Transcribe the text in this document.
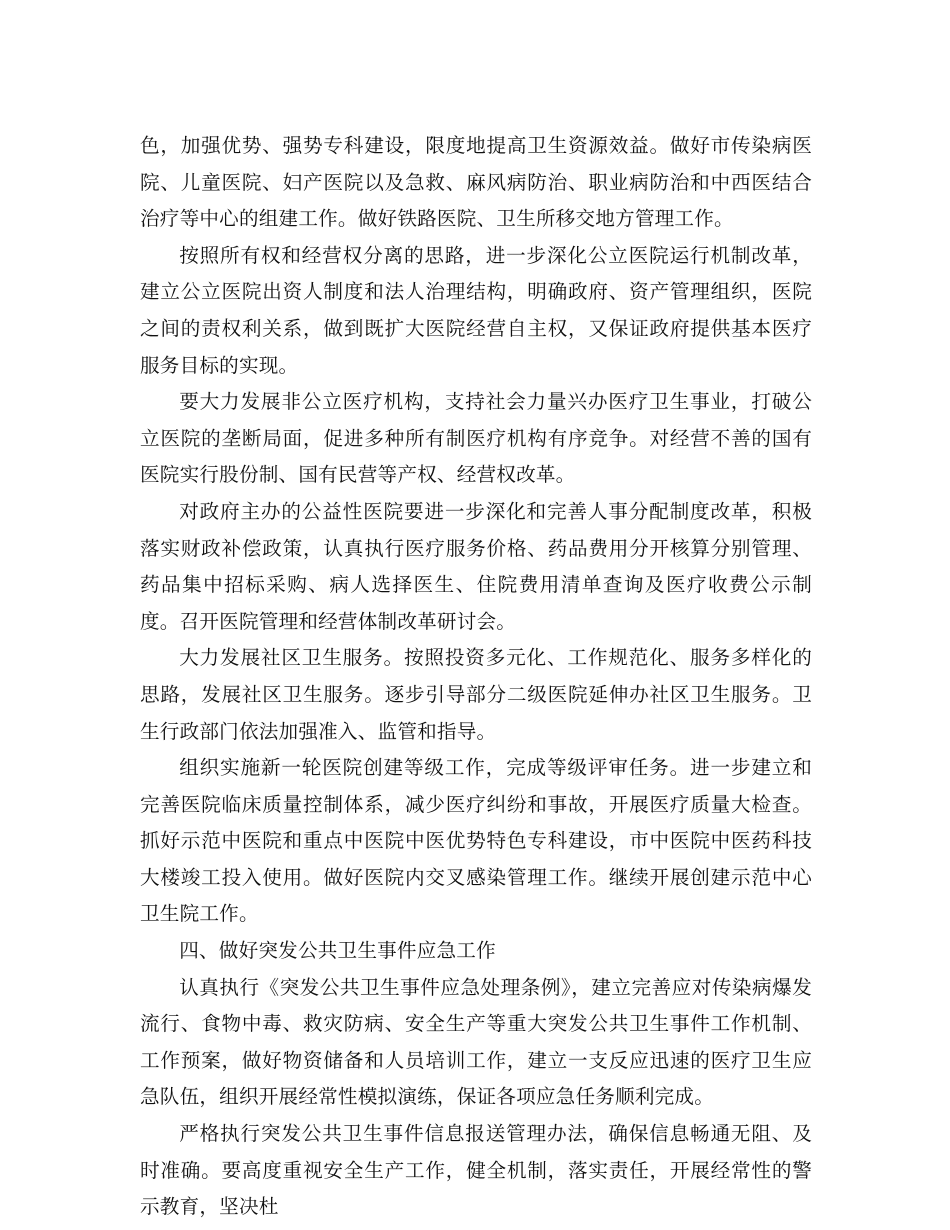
色，加强优势、强势专科建设，限度地提高卫生资源效益。做好市传染病医院、儿童医院、妇产医院以及急救、麻风病防治、职业病防治和中西医结合治疗等中心的组建工作。做好铁路医院、卫生所移交地方管理工作。

按照所有权和经营权分离的思路，进一步深化公立医院运行机制改革，建立公立医院出资人制度和法人治理结构，明确政府、资产管理组织，医院之间的责权利关系，做到既扩大医院经营自主权，又保证政府提供基本医疗服务目标的实现。

要大力发展非公立医疗机构，支持社会力量兴办医疗卫生事业，打破公立医院的垄断局面，促进多种所有制医疗机构有序竞争。对经营不善的国有医院实行股份制、国有民营等产权、经营权改革。

对政府主办的公益性医院要进一步深化和完善人事分配制度改革，积极落实财政补偿政策，认真执行医疗服务价格、药品费用分开核算分别管理、药品集中招标采购、病人选择医生、住院费用清单查询及医疗收费公示制度。召开医院管理和经营体制改革研讨会。

大力发展社区卫生服务。按照投资多元化、工作规范化、服务多样化的思路，发展社区卫生服务。逐步引导部分二级医院延伸办社区卫生服务。卫生行政部门依法加强准入、监管和指导。

组织实施新一轮医院创建等级工作，完成等级评审任务。进一步建立和完善医院临床质量控制体系，减少医疗纠纷和事故，开展医疗质量大检查。抓好示范中医院和重点中医院中医优势特色专科建设，市中医院中医药科技大楼竣工投入使用。做好医院内交叉感染管理工作。继续开展创建示范中心卫生院工作。

四、做好突发公共卫生事件应急工作

认真执行《突发公共卫生事件应急处理条例》，建立完善应对传染病爆发流行、食物中毒、救灾防病、安全生产等重大突发公共卫生事件工作机制、工作预案，做好物资储备和人员培训工作，建立一支反应迅速的医疗卫生应急队伍，组织开展经常性模拟演练，保证各项应急任务顺利完成。

严格执行突发公共卫生事件信息报送管理办法，确保信息畅通无阻、及时准确。要高度重视安全生产工作，健全机制，落实责任，开展经常性的警示教育，坚决杜
